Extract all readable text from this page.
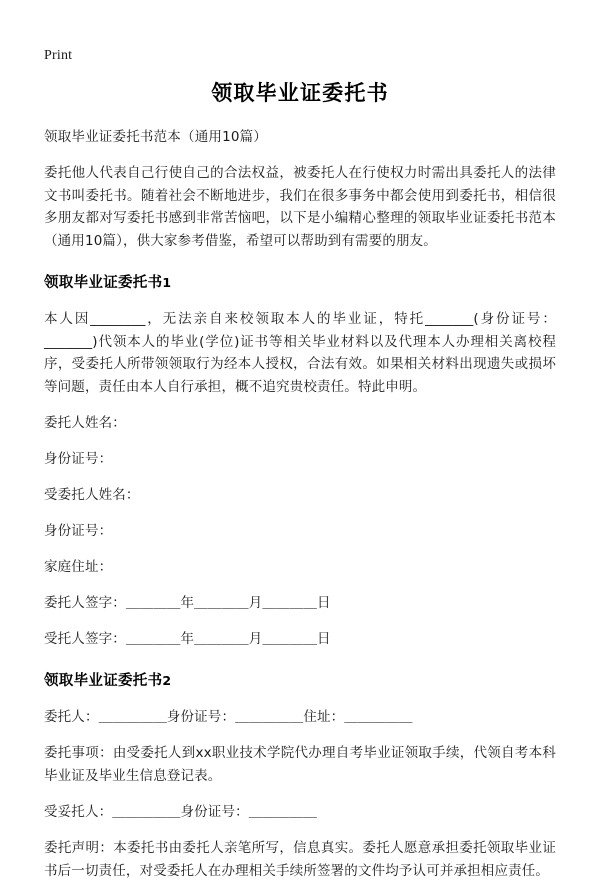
Print
领取毕业证委托书

领取毕业证委托书范本（通用10篇）

委托他人代表自己行使自己的合法权益，被委托人在行使权力时需出具委托人的法律文书叫委托书。随着社会不断地进步，我们在很多事务中都会使用到委托书，相信很多朋友都对写委托书感到非常苦恼吧，以下是小编精心整理的领取毕业证委托书范本（通用10篇），供大家参考借鉴，希望可以帮助到有需要的朋友。

领取毕业证委托书1

本人因________，无法亲自来校领取本人的毕业证，特托_______(身份证号：_______)代领本人的毕业(学位)证书等相关毕业材料以及代理本人办理相关离校程序，受委托人所带领领取行为经本人授权，合法有效。如果相关材料出现遗失或损坏等问题，责任由本人自行承担，概不追究贵校责任。特此申明。

委托人姓名：

身份证号：

受委托人姓名：

身份证号：

家庭住址：

委托人签字：＿＿＿＿年＿＿＿＿月＿＿＿＿日

受托人签字：＿＿＿＿年＿＿＿＿月＿＿＿＿日

领取毕业证委托书2

委托人：＿＿＿＿＿身份证号：＿＿＿＿＿住址：＿＿＿＿＿

委托事项：由受委托人到xx职业技术学院代办理自考毕业证领取手续，代领自考本科毕业证及毕业生信息登记表。

受妥托人：＿＿＿＿＿身份证号：＿＿＿＿＿

委托声明：本委托书由委托人亲笔所写，信息真实。委托人愿意承担委托领取毕业证书后一切责任，对受委托人在办理相关手续所签署的文件均予认可并承担相应责任。
